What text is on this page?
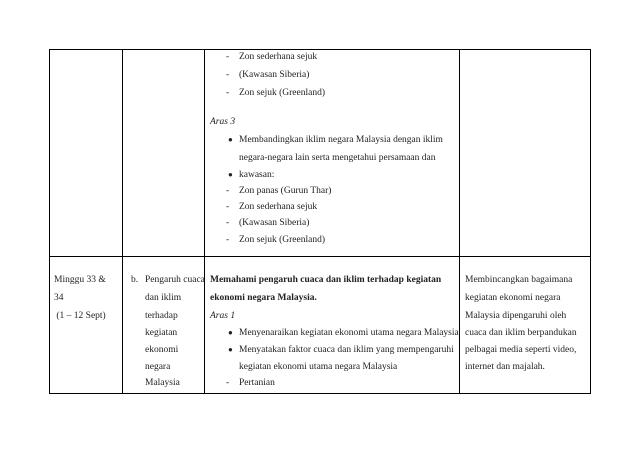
- Zon sederhana sejuk
- (Kawasan Siberia)
- Zon sejuk (Greenland)
Aras 3
● Membandingkan iklim negara Malaysia dengan iklim
negara-negara lain serta mengetahui persamaan dan
● kawasan:
- Zon panas (Gurun Thar)
- Zon sederhana sejuk
- (Kawasan Siberia)
- Zon sejuk (Greenland)
Minggu 33 &
34
(1 – 12 Sept)
b. Pengaruh cuaca
dan iklim
terhadap
kegiatan
ekonomi
negara
Malaysia
Memahami pengaruh cuaca dan iklim terhadap kegiatan
ekonomi negara Malaysia.
Aras 1
● Menyenaraikan kegiatan ekonomi utama negara Malaysia
● Menyatakan faktor cuaca dan iklim yang mempengaruhi
kegiatan ekonomi utama negara Malaysia
- Pertanian
Membincangkan bagaimana
kegiatan ekonomi negara
Malaysia dipengaruhi oleh
cuaca dan iklim berpandukan
pelbagai media seperti video,
internet dan majalah.
